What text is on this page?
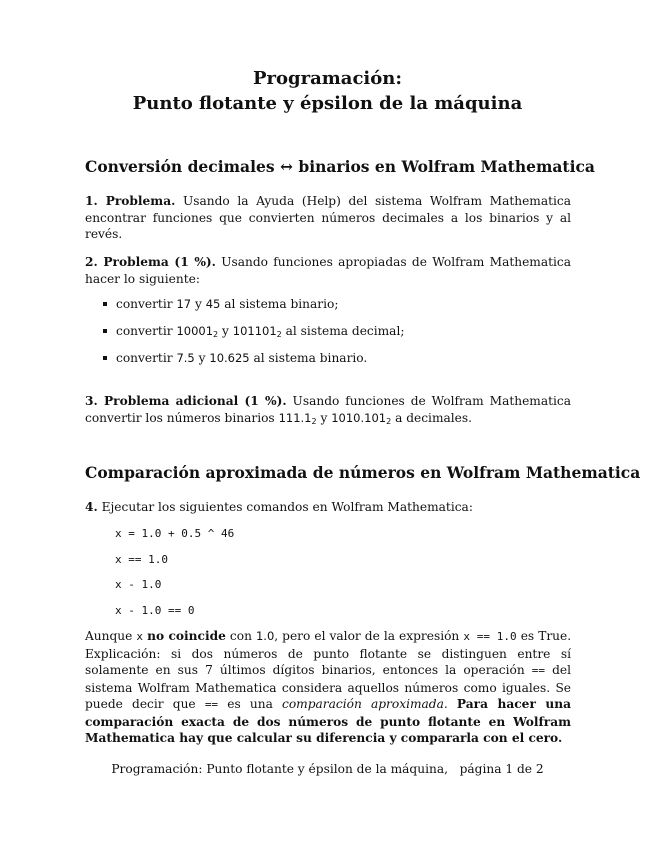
Programación:
Punto flotante y épsilon de la máquina
Conversión decimales ↔ binarios en Wolfram Mathematica
1. Problema. Usando la Ayuda (Help) del sistema Wolfram Mathematica encontrar funciones que convierten números decimales a los binarios y al revés.
2. Problema (1 %). Usando funciones apropiadas de Wolfram Mathematica hacer lo siguiente:
convertir 17 y 45 al sistema binario;
convertir $10001_2$ y $101101_2$ al sistema decimal;
convertir 7.5 y 10.625 al sistema binario.
3. Problema adicional (1 %). Usando funciones de Wolfram Mathematica convertir los números binarios $111.1_2$ y $1010.101_2$ a decimales.
Comparación aproximada de números en Wolfram Mathematica
4. Ejecutar los siguientes comandos en Wolfram Mathematica:
x = 1.0 + 0.5 ^ 46
x == 1.0
x - 1.0
x - 1.0 == 0
Aunque x no coincide con 1.0, pero el valor de la expresión x == 1.0 es True. Explicación: si dos números de punto flotante se distinguen entre sí solamente en sus 7 últimos dígitos binarios, entonces la operación == del sistema Wolfram Mathematica considera aquellos números como iguales. Se puede decir que == es una comparación aproximada. Para hacer una comparación exacta de dos números de punto flotante en Wolfram Mathematica hay que calcular su diferencia y compararla con el cero.
Programación: Punto flotante y épsilon de la máquina, página 1 de 2
